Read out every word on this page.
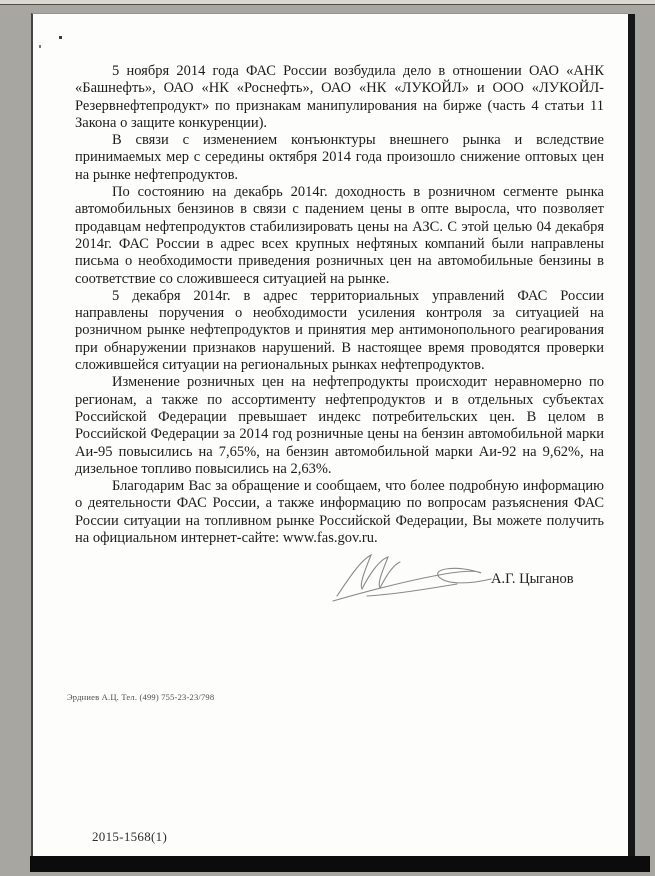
5 ноября 2014 года ФАС России возбудила дело в отношении ОАО «АНК «Башнефть», ОАО «НК «Роснефть», ОАО «НК «ЛУКОЙЛ» и ООО «ЛУКОЙЛ-Резервнефтепродукт» по признакам манипулирования на бирже (часть 4 статьи 11 Закона о защите конкуренции).

В связи с изменением конъюнктуры внешнего рынка и вследствие принимаемых мер с середины октября 2014 года произошло снижение оптовых цен на рынке нефтепродуктов.

По состоянию на декабрь 2014г. доходность в розничном сегменте рынка автомобильных бензинов в связи с падением цены в опте выросла, что позволяет продавцам нефтепродуктов стабилизировать цены на АЗС. С этой целью 04 декабря 2014г. ФАС России в адрес всех крупных нефтяных компаний были направлены письма о необходимости приведения розничных цен на автомобильные бензины в соответствие со сложившееся ситуацией на рынке.

5 декабря 2014г. в адрес территориальных управлений ФАС России направлены поручения о необходимости усиления контроля за ситуацией на розничном рынке нефтепродуктов и принятия мер антимонопольного реагирования при обнаружении признаков нарушений. В настоящее время проводятся проверки сложившейся ситуации на региональных рынках нефтепродуктов.

Изменение розничных цен на нефтепродукты происходит неравномерно по регионам, а также по ассортименту нефтепродуктов и в отдельных субъектах Российской Федерации превышает индекс потребительских цен. В целом в Российской Федерации за 2014 год розничные цены на бензин автомобильной марки Аи-95 повысились на 7,65%, на бензин автомобильной марки Аи-92 на 9,62%, на дизельное топливо повысились на 2,63%.

Благодарим Вас за обращение и сообщаем, что более подробную информацию о деятельности ФАС России, а также информацию по вопросам разъяснения ФАС России ситуации на топливном рынке Российской Федерации, Вы можете получить на официальном интернет-сайте: www.fas.gov.ru.

А.Г. Цыганов
Эрдниев А.Ц. Тел. (499) 755-23-23/798
2015-1568(1)
